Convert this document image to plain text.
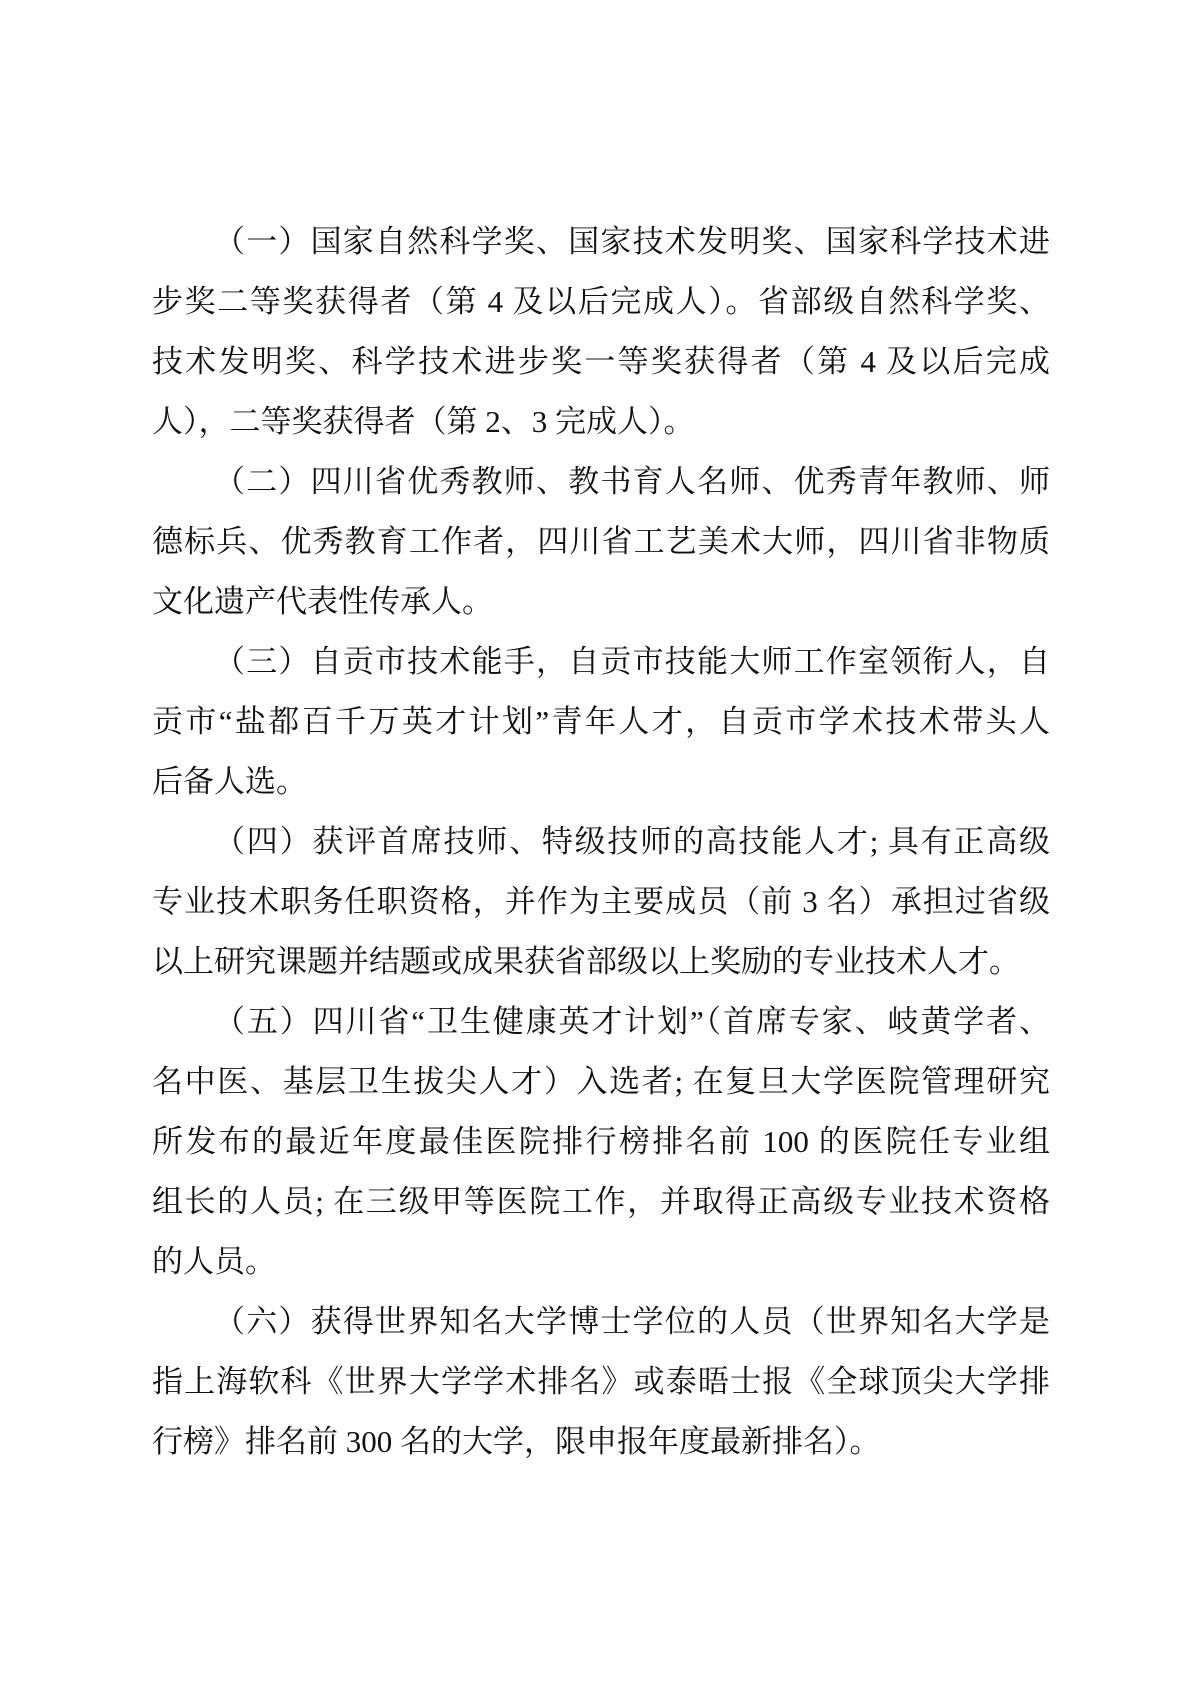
（一）国家自然科学奖、国家技术发明奖、国家科学技术进
步奖二等奖获得者（第 4 及以后完成人）。省部级自然科学奖、
技术发明奖、科学技术进步奖一等奖获得者（第 4 及以后完成
人），二等奖获得者（第 2、3 完成人）。

（二）四川省优秀教师、教书育人名师、优秀青年教师、师
德标兵、优秀教育工作者，四川省工艺美术大师，四川省非物质
文化遗产代表性传承人。

（三）自贡市技术能手，自贡市技能大师工作室领衔人，自
贡市“盐都百千万英才计划”青年人才，自贡市学术技术带头人
后备人选。

（四）获评首席技师、特级技师的高技能人才; 具有正高级
专业技术职务任职资格，并作为主要成员（前 3 名）承担过省级
以上研究课题并结题或成果获省部级以上奖励的专业技术人才。

（五）四川省“卫生健康英才计划”（首席专家、岐黄学者、
名中医、基层卫生拔尖人才）入选者; 在复旦大学医院管理研究
所发布的最近年度最佳医院排行榜排名前 100 的医院任专业组
组长的人员; 在三级甲等医院工作，并取得正高级专业技术资格
的人员。

（六）获得世界知名大学博士学位的人员（世界知名大学是
指上海软科《世界大学学术排名》或泰晤士报《全球顶尖大学排
行榜》排名前 300 名的大学，限申报年度最新排名）。
